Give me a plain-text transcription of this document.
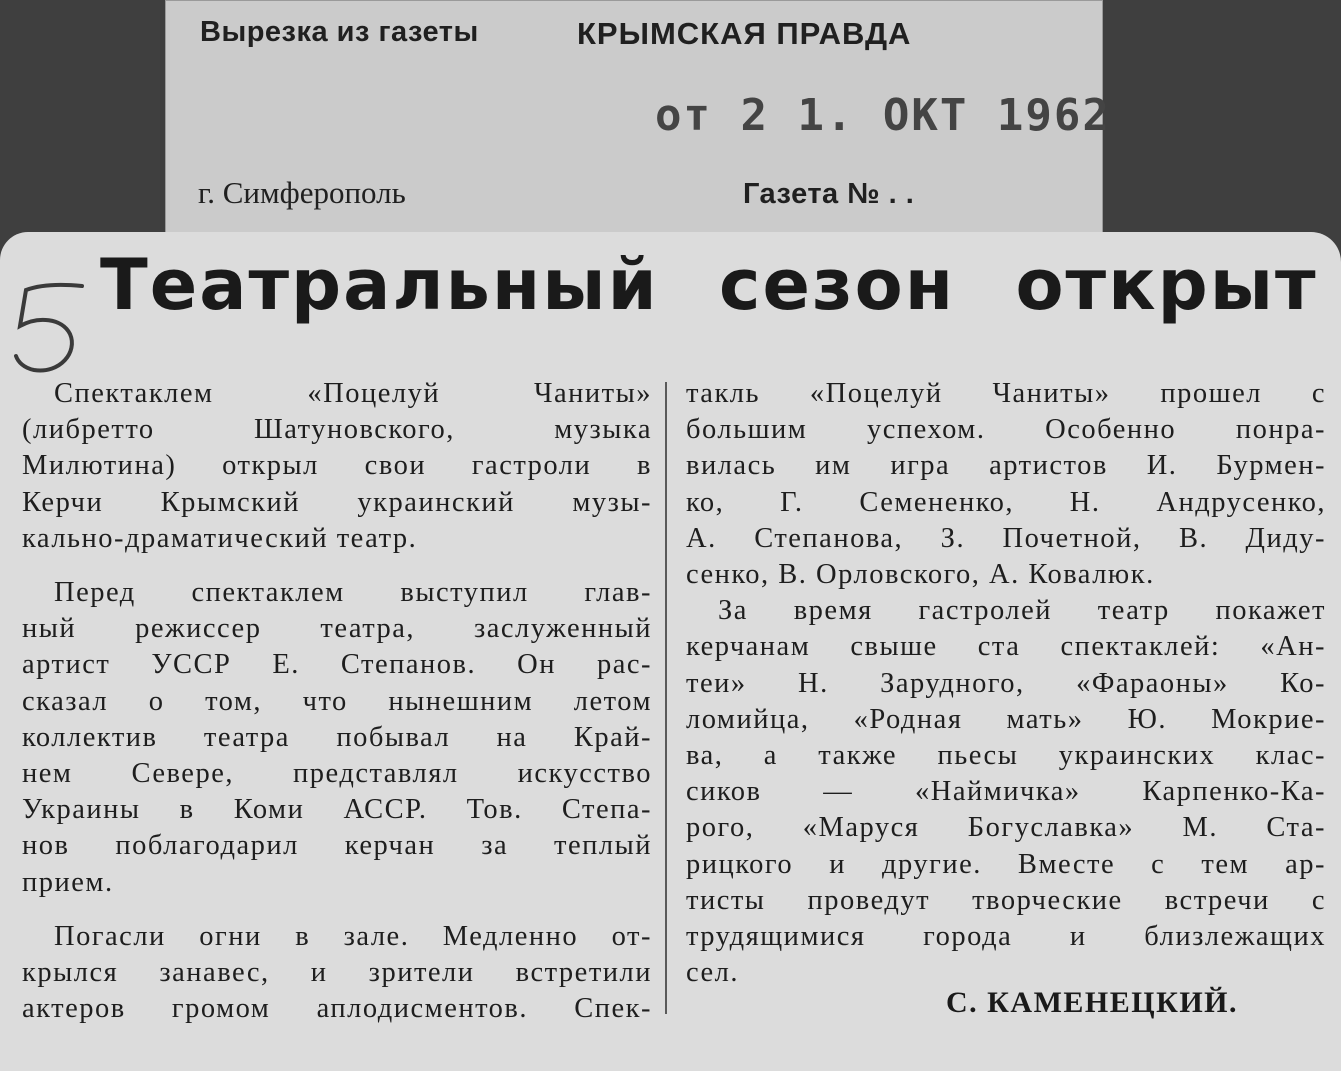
Вырезка из газеты	КРЫМСКАЯ ПРАВДА
от 2 1. ОКТ 1962
г. Симферополь	Газета № . .
Театральный сезон открыт

Спектаклем «Поцелуй Чаниты»

(либретто Шатуновского, музыка

Милютина) открыл свои гастроли в

Керчи Крымский украинский музы-

кально-драматический театр.

Перед спектаклем выступил глав-

ный режиссер театра, заслуженный

артист УССР Е. Степанов. Он рас-

сказал о том, что нынешним летом

коллектив театра побывал на Край-

нем Севере, представлял искусство

Украины в Коми АССР. Тов. Степа-

нов поблагодарил керчан за теплый

прием.

Погасли огни в зале. Медленно от-

крылся занавес, и зрители встретили

актеров громом аплодисментов. Спек-

такль «Поцелуй Чаниты» прошел с

большим успехом. Особенно понра-

вилась им игра артистов И. Бурмен-

ко, Г. Семененко, Н. Андрусенко,

А. Степанова, З. Почетной, В. Диду-

сенко, В. Орловского, А. Ковалюк.

За время гастролей театр покажет

керчанам свыше ста спектаклей: «Ан-

теи» Н. Зарудного, «Фараоны» Ко-

ломийца, «Родная мать» Ю. Мокрие-

ва, а также пьесы украинских клас-

сиков — «Наймичка» Карпенко-Ка-

рого, «Маруся Богуславка» М. Ста-

рицкого и другие. Вместе с тем ар-

тисты проведут творческие встречи с

трудящимися города и близлежащих

сел.

С. КАМЕНЕЦКИЙ.
